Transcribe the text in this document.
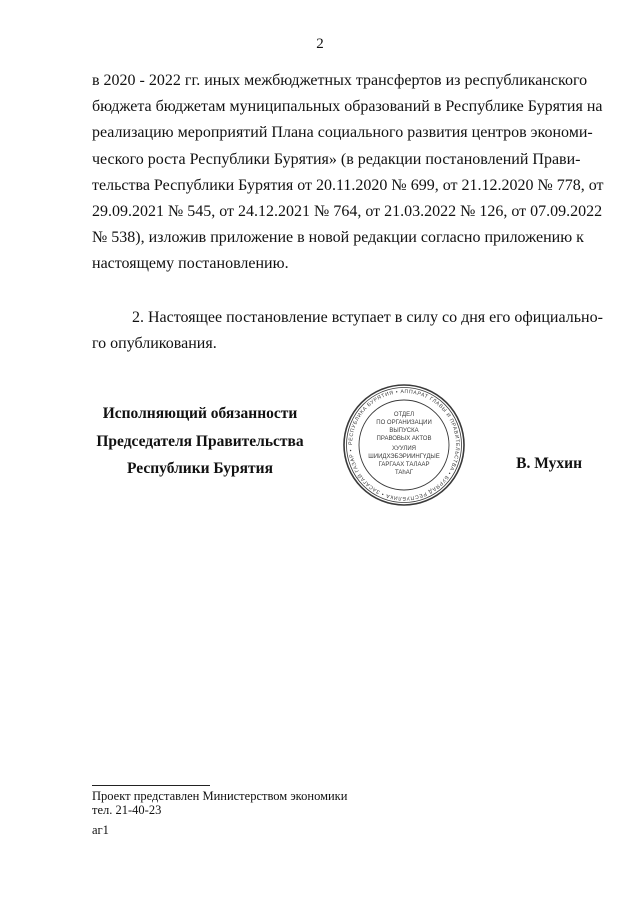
2
в 2020 - 2022 гг. иных межбюджетных трансфертов из республиканского
бюджета бюджетам муниципальных образований в Республике Бурятия на
реализацию мероприятий Плана социального развития центров экономи-
ческого роста Республики Бурятия» (в редакции постановлений Прави-
тельства Республики Бурятия от 20.11.2020 № 699, от 21.12.2020 № 778, от
29.09.2021 № 545, от 24.12.2021 № 764, от 21.03.2022 № 126, от 07.09.2022
№ 538), изложив приложение в новой редакции согласно приложению к
настоящему постановлению.
2. Настоящее постановление вступает в силу со дня его официально-
го опубликования.
Исполняющий обязанности
Председателя Правительства
Республики Бурятия
РЕСПУБЛИКА БУРЯТИЯ • АППАРАТ ГЛАВЫ И ПРАВИТЕЛЬСТВА • БУРЯАД РЕСПУБЛИКА • ЗАСАГАЙ ГАЗАР •
ОТДЕЛ
ПО ОРГАНИЗАЦИИ
ВЫПУСКА
ПРАВОВЫХ АКТОВ
ХУУЛИЯ
ШИИДХЭБЭРИИНГҮДЫЕ
ГАРГААХ ТАЛААР
ТАһАГ
В. Мухин
Проект представлен Министерством экономики
тел. 21-40-23
аг1
